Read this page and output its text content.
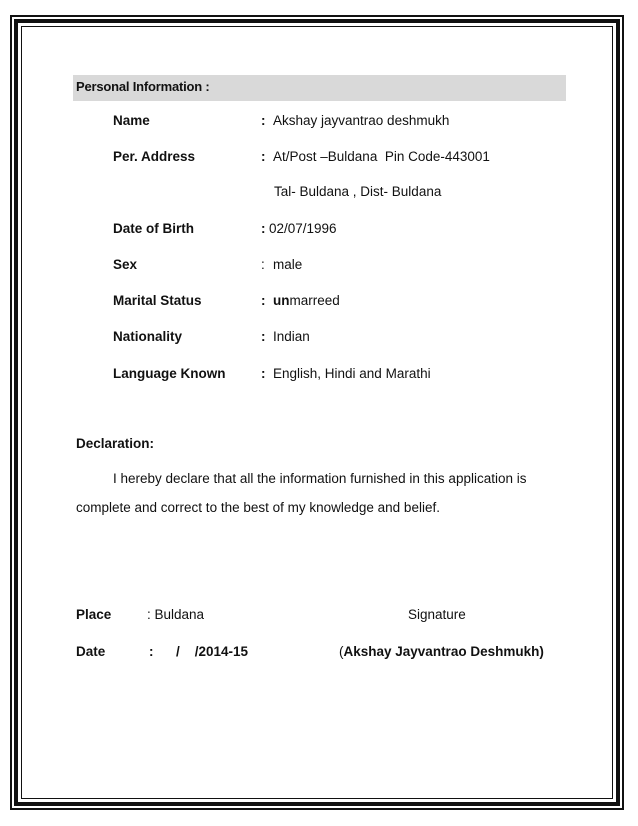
Personal Information :
Name	: Akshay jayvantrao deshmukh
Per. Address	: At/Post –Buldana  Pin Code-443001
Tal- Buldana , Dist- Buldana
Date of Birth	: 02/07/1996
Sex	: male
Marital Status	: unmarreed
Nationality	: Indian
Language Known	: English, Hindi and Marathi
Declaration:
I hereby declare that all the information furnished in this application is
complete and correct to the best of my knowledge and belief.
Place	: Buldana	Signature
Date	: /    /2014-15	(Akshay Jayvantrao Deshmukh)
